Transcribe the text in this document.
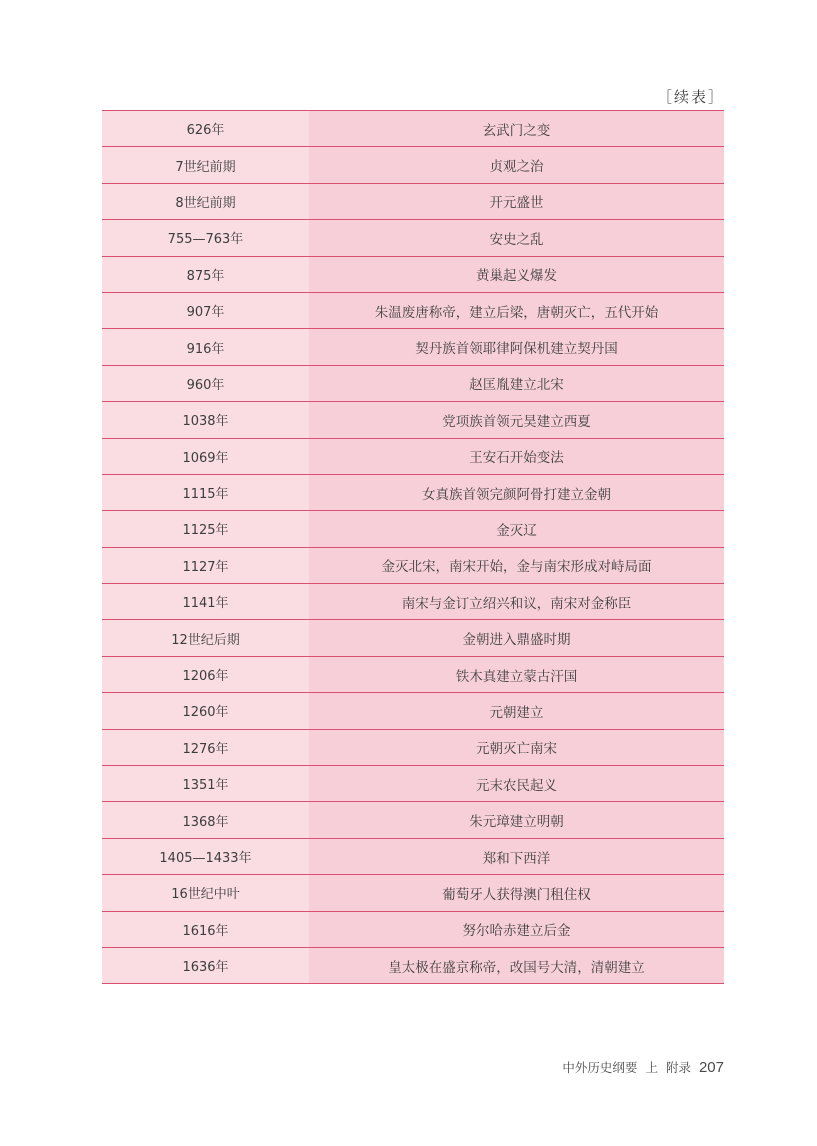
［续表］
626年	玄武门之变
7世纪前期	贞观之治
8世纪前期	开元盛世
755—763年	安史之乱
875年	黄巢起义爆发
907年	朱温废唐称帝，建立后梁，唐朝灭亡，五代开始
916年	契丹族首领耶律阿保机建立契丹国
960年	赵匡胤建立北宋
1038年	党项族首领元昊建立西夏
1069年	王安石开始变法
1115年	女真族首领完颜阿骨打建立金朝
1125年	金灭辽
1127年	金灭北宋，南宋开始，金与南宋形成对峙局面
1141年	南宋与金订立绍兴和议，南宋对金称臣
12世纪后期	金朝进入鼎盛时期
1206年	铁木真建立蒙古汗国
1260年	元朝建立
1276年	元朝灭亡南宋
1351年	元末农民起义
1368年	朱元璋建立明朝
1405—1433年	郑和下西洋
16世纪中叶	葡萄牙人获得澳门租住权
1616年	努尔哈赤建立后金
1636年	皇太极在盛京称帝，改国号大清，清朝建立
中外历史纲要 上 附录 207
